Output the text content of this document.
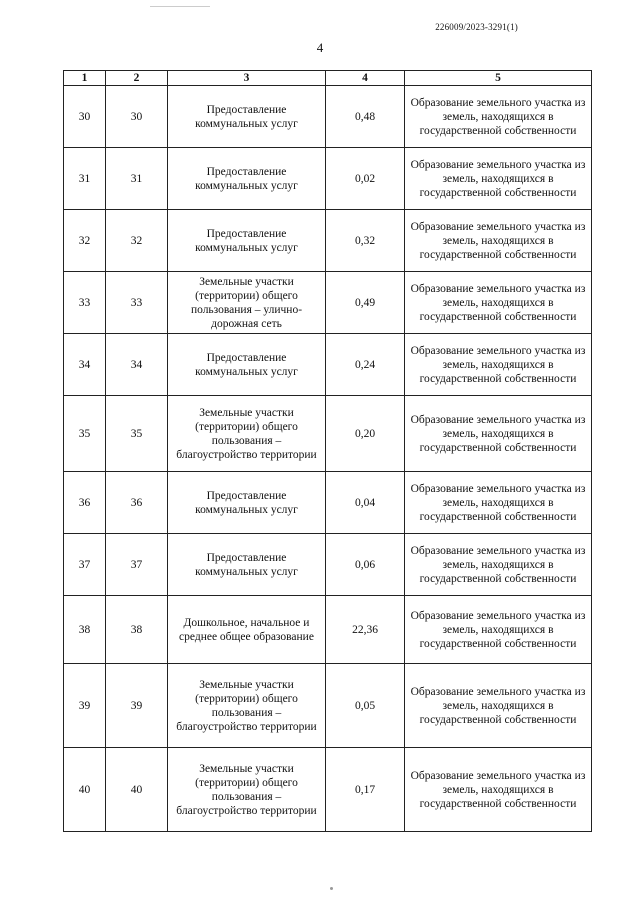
226009/2023-3291(1)
4
1	2	3	4	5
30	30	Предоставление коммунальных услуг	0,48	Образование земельного участка из земель, находящихся в государственной собственности
31	31	Предоставление коммунальных услуг	0,02	Образование земельного участка из земель, находящихся в государственной собственности
32	32	Предоставление коммунальных услуг	0,32	Образование земельного участка из земель, находящихся в государственной собственности
33	33	Земельные участки (территории) общего пользования – улично-дорожная сеть	0,49	Образование земельного участка из земель, находящихся в государственной собственности
34	34	Предоставление коммунальных услуг	0,24	Образование земельного участка из земель, находящихся в государственной собственности
35	35	Земельные участки (территории) общего пользования – благоустройство территории	0,20	Образование земельного участка из земель, находящихся в государственной собственности
36	36	Предоставление коммунальных услуг	0,04	Образование земельного участка из земель, находящихся в государственной собственности
37	37	Предоставление коммунальных услуг	0,06	Образование земельного участка из земель, находящихся в государственной собственности
38	38	Дошкольное, начальное и среднее общее образование	22,36	Образование земельного участка из земель, находящихся в государственной собственности
39	39	Земельные участки (территории) общего пользования – благоустройство территории	0,05	Образование земельного участка из земель, находящихся в государственной собственности
40	40	Земельные участки (территории) общего пользования – благоустройство территории	0,17	Образование земельного участка из земель, находящихся в государственной собственности
